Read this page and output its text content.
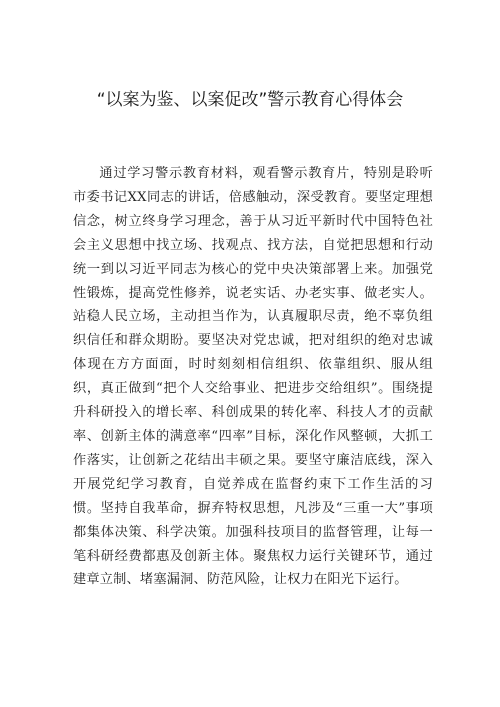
“以案为鉴、以案促改”警示教育心得体会

通过学习警示教育材料，观看警示教育片，特别是聆听市委书记XX同志的讲话，倍感触动，深受教育。要坚定理想信念，树立终身学习理念，善于从习近平新时代中国特色社会主义思想中找立场、找观点、找方法，自觉把思想和行动统一到以习近平同志为核心的党中央决策部署上来。加强党性锻炼，提高党性修养，说老实话、办老实事、做老实人。站稳人民立场，主动担当作为，认真履职尽责，绝不辜负组织信任和群众期盼。要坚决对党忠诚，把对组织的绝对忠诚体现在方方面面，时时刻刻相信组织、依靠组织、服从组织，真正做到“把个人交给事业、把进步交给组织”。围绕提升科研投入的增长率、科创成果的转化率、科技人才的贡献率、创新主体的满意率“四率”目标，深化作风整顿，大抓工作落实，让创新之花结出丰硕之果。要坚守廉洁底线，深入开展党纪学习教育，自觉养成在监督约束下工作生活的习惯。坚持自我革命，摒弃特权思想，凡涉及“三重一大”事项都集体决策、科学决策。加强科技项目的监督管理，让每一笔科研经费都惠及创新主体。聚焦权力运行关键环节，通过建章立制、堵塞漏洞、防范风险，让权力在阳光下运行。
